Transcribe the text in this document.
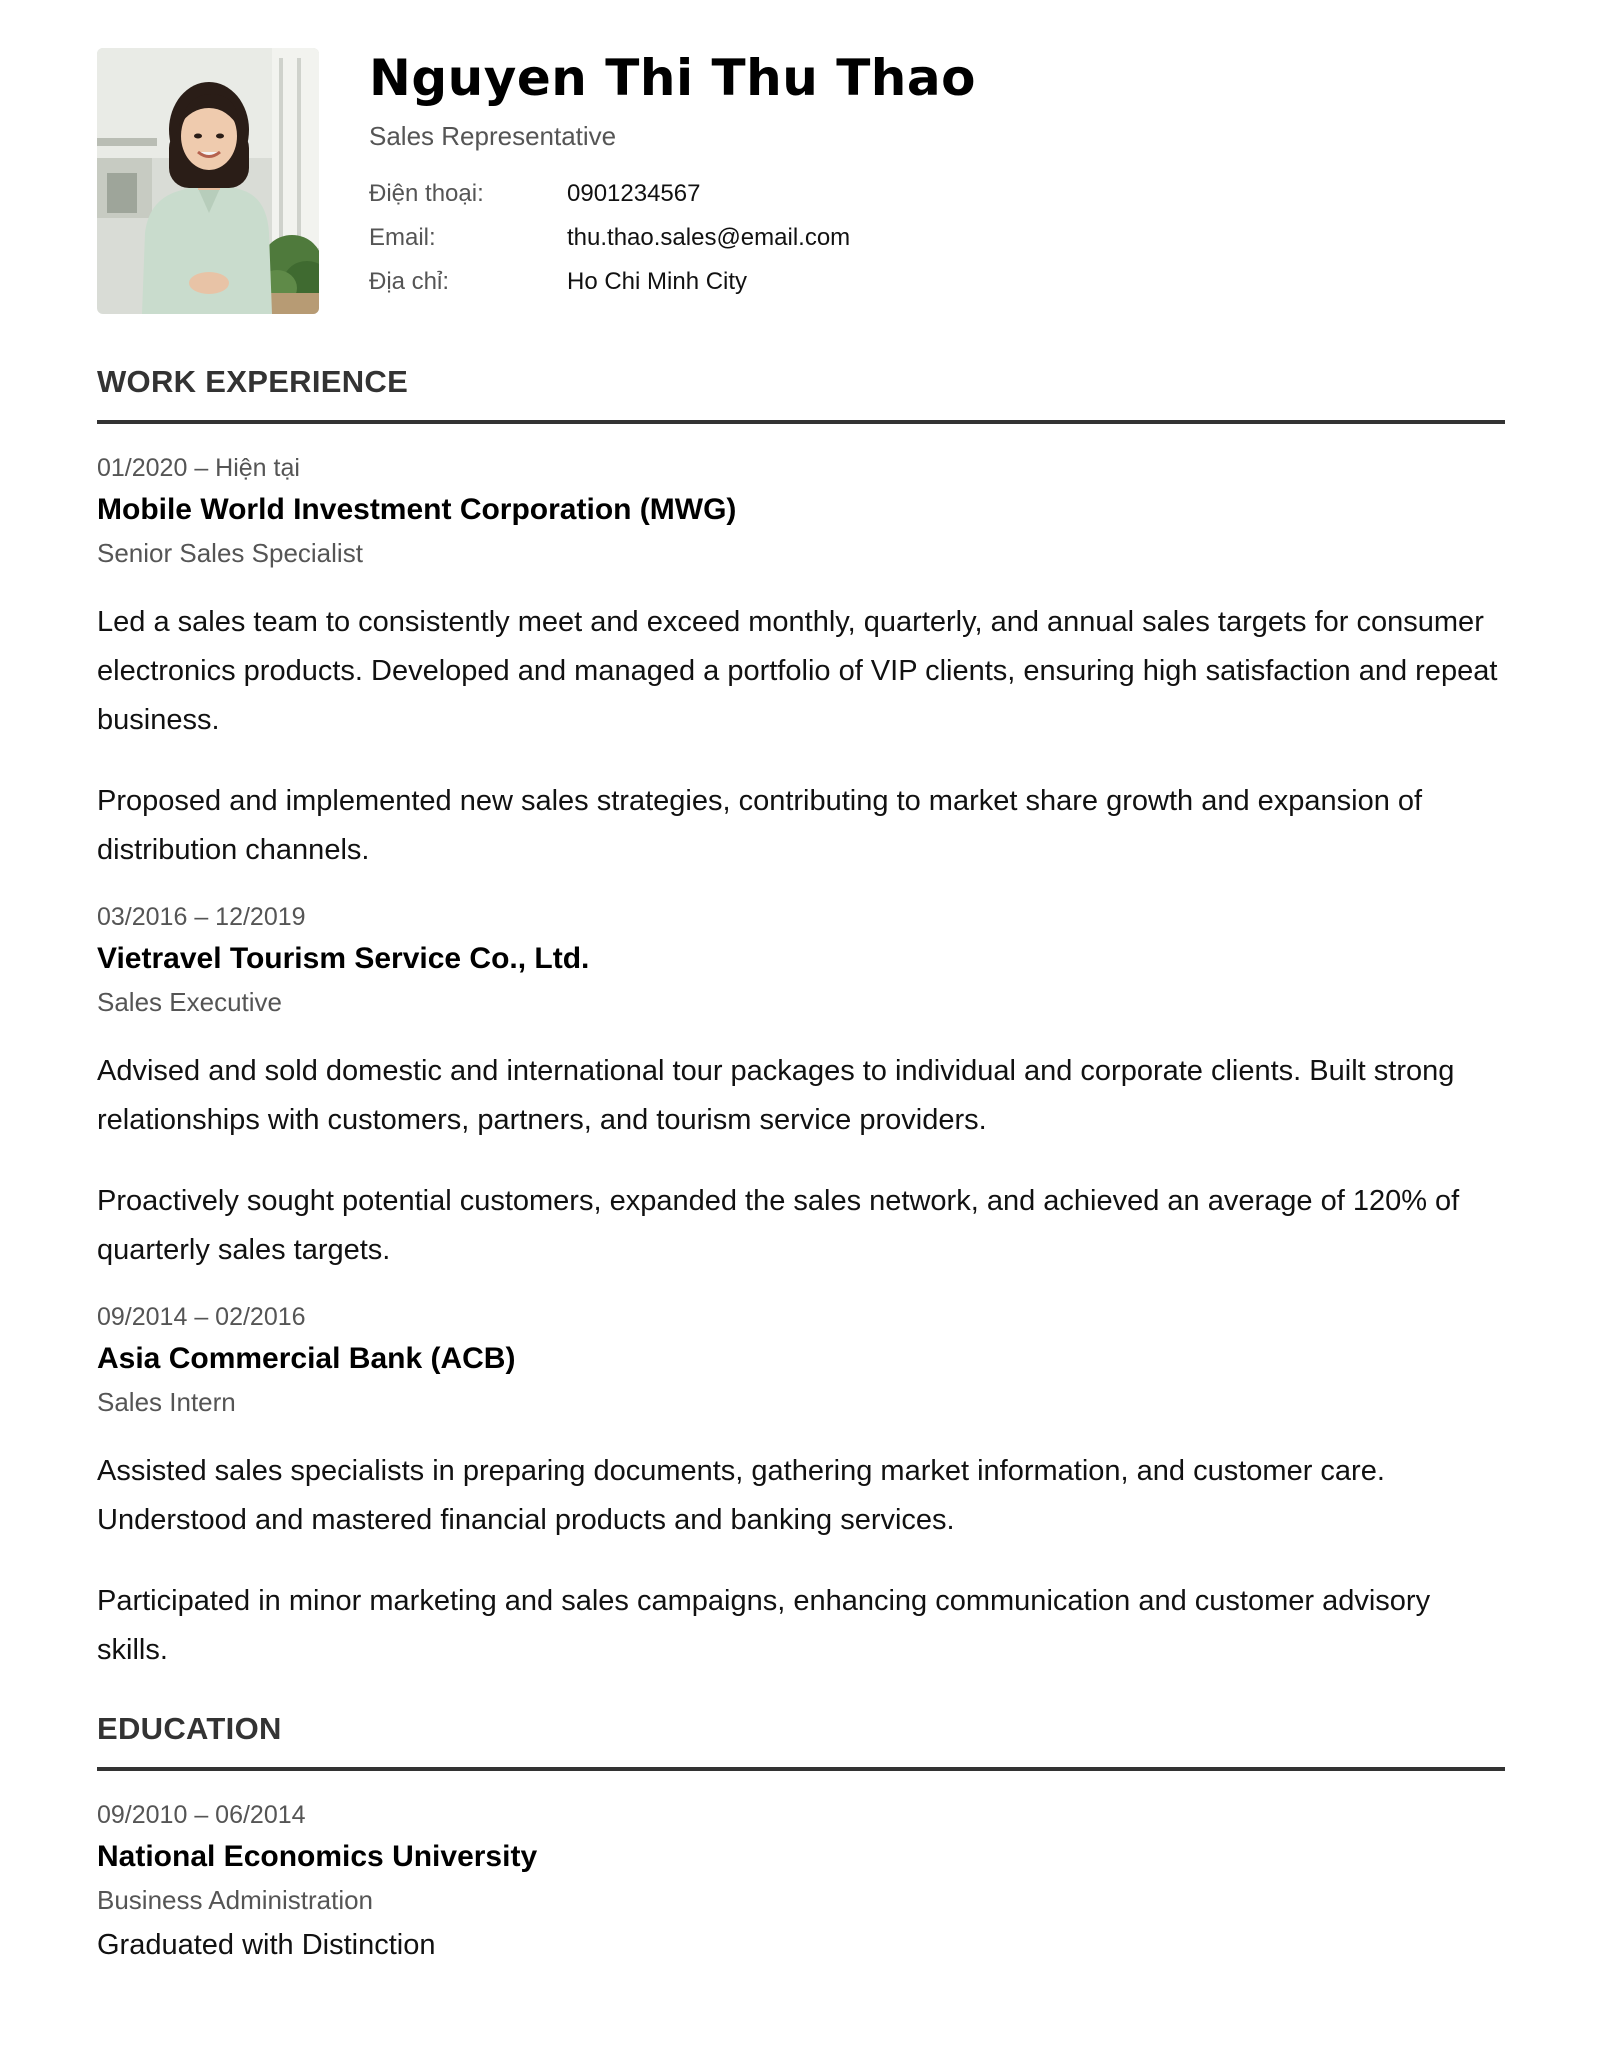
Nguyen Thi Thu Thao
Sales Representative
Điện thoại:	0901234567
Email:	thu.thao.sales@email.com
Địa chỉ:	Ho Chi Minh City
WORK EXPERIENCE
01/2020 – Hiện tại
Mobile World Investment Corporation (MWG)
Senior Sales Specialist

Led a sales team to consistently meet and exceed monthly, quarterly, and annual sales targets for consumer electronics products. Developed and managed a portfolio of VIP clients, ensuring high satisfaction and repeat business.

Proposed and implemented new sales strategies, contributing to market share growth and expansion of distribution channels.

03/2016 – 12/2019
Vietravel Tourism Service Co., Ltd.
Sales Executive

Advised and sold domestic and international tour packages to individual and corporate clients. Built strong relationships with customers, partners, and tourism service providers.

Proactively sought potential customers, expanded the sales network, and achieved an average of 120% of quarterly sales targets.

09/2014 – 02/2016
Asia Commercial Bank (ACB)
Sales Intern

Assisted sales specialists in preparing documents, gathering market information, and customer care. Understood and mastered financial products and banking services.

Participated in minor marketing and sales campaigns, enhancing communication and customer advisory skills.

EDUCATION
09/2010 – 06/2014
National Economics University
Business Administration
Graduated with Distinction
